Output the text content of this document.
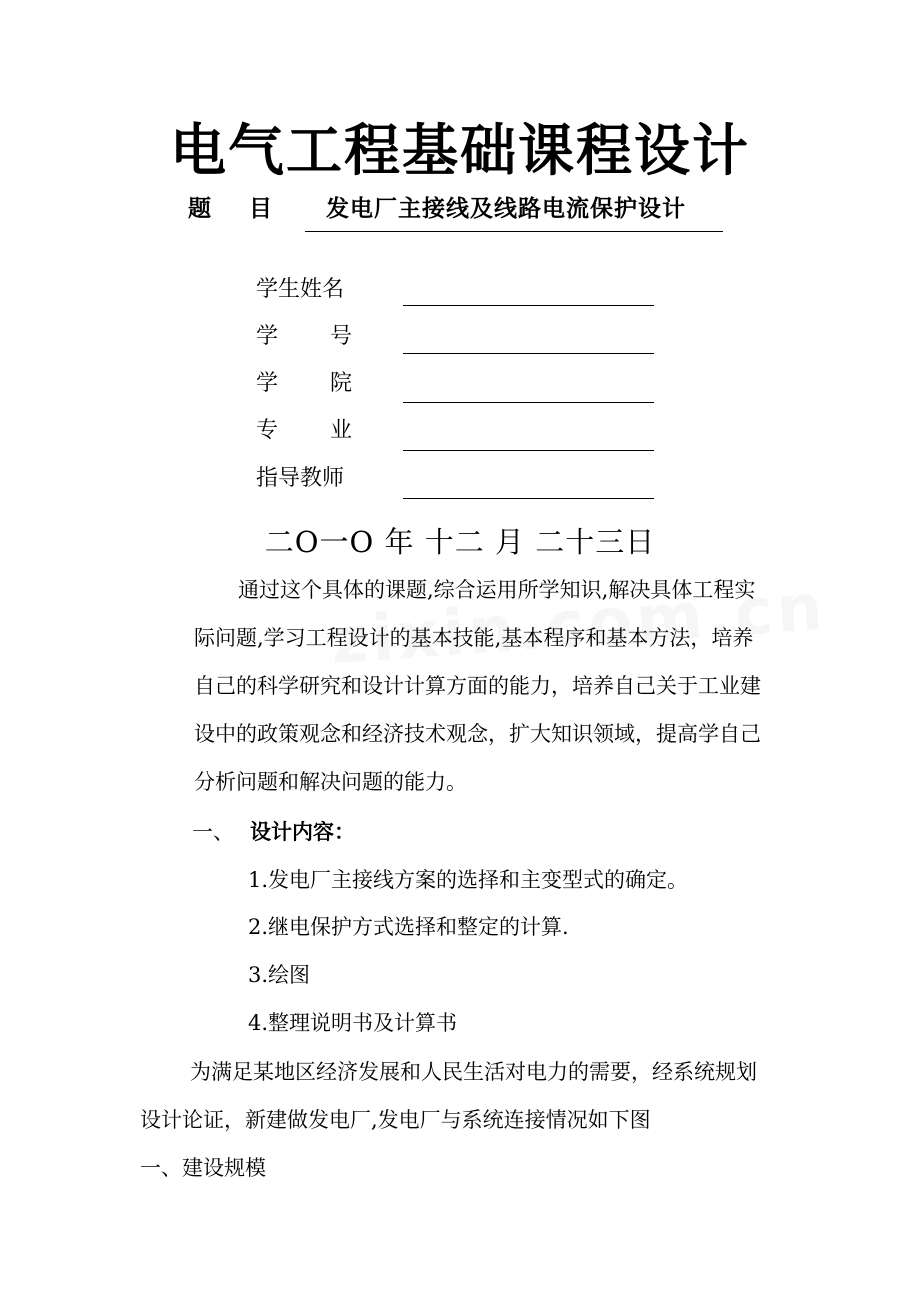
电气工程基础课程设计
题目 发电厂主接线及线路电流保护设计
学生姓名
学号
学院
专业
指导教师
二O一O 年 十二 月 二十三日
通过这个具体的课题,综合运用所学知识,解决具体工程实
际问题,学习工程设计的基本技能,基本程序和基本方法，培养
自己的科学研究和设计计算方面的能力，培养自己关于工业建
设中的政策观念和经济技术观念，扩大知识领域，提高学自己
分析问题和解决问题的能力。
一、 设计内容：
1.发电厂主接线方案的选择和主变型式的确定。
2.继电保护方式选择和整定的计算.
3.绘图
4.整理说明书及计算书
为满足某地区经济发展和人民生活对电力的需要，经系统规划
设计论证，新建做发电厂,发电厂与系统连接情况如下图
一、建设规模
